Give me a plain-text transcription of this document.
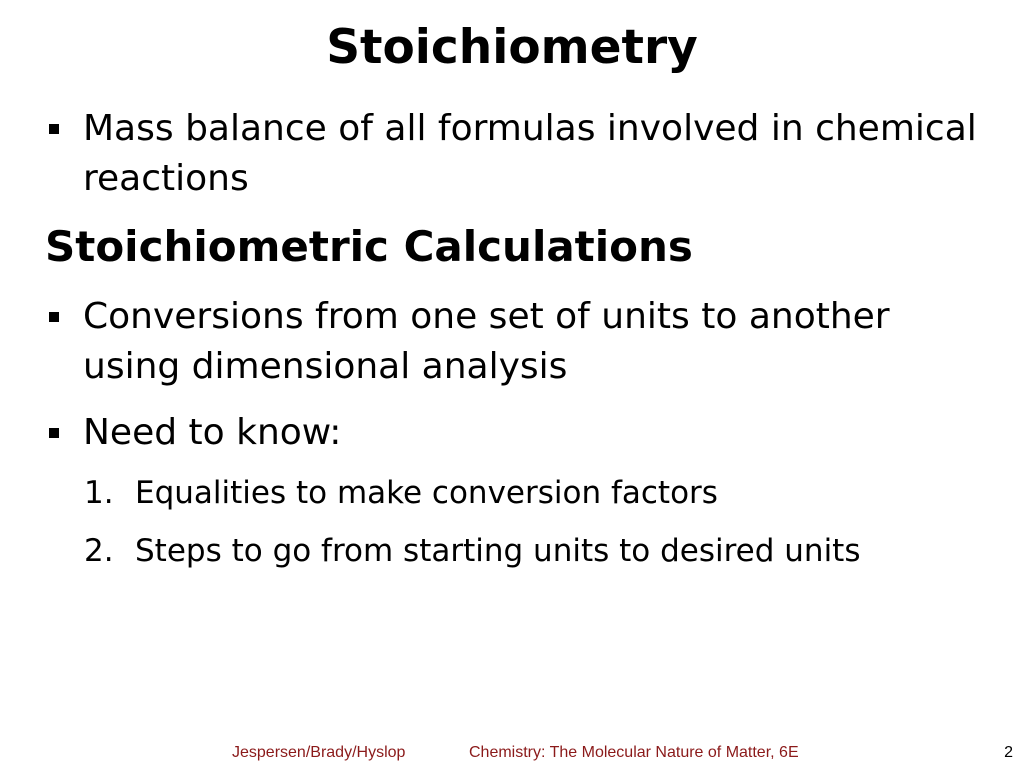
Stoichiometry

Mass balance of all formulas involved in chemical reactions

Stoichiometric Calculations

Conversions from one set of units to another using dimensional analysis

Need to know:

1. Equalities to make conversion factors

2. Steps to go from starting units to desired units

Jespersen/Brady/Hyslop	Chemistry: The Molecular Nature of Matter, 6E	2
